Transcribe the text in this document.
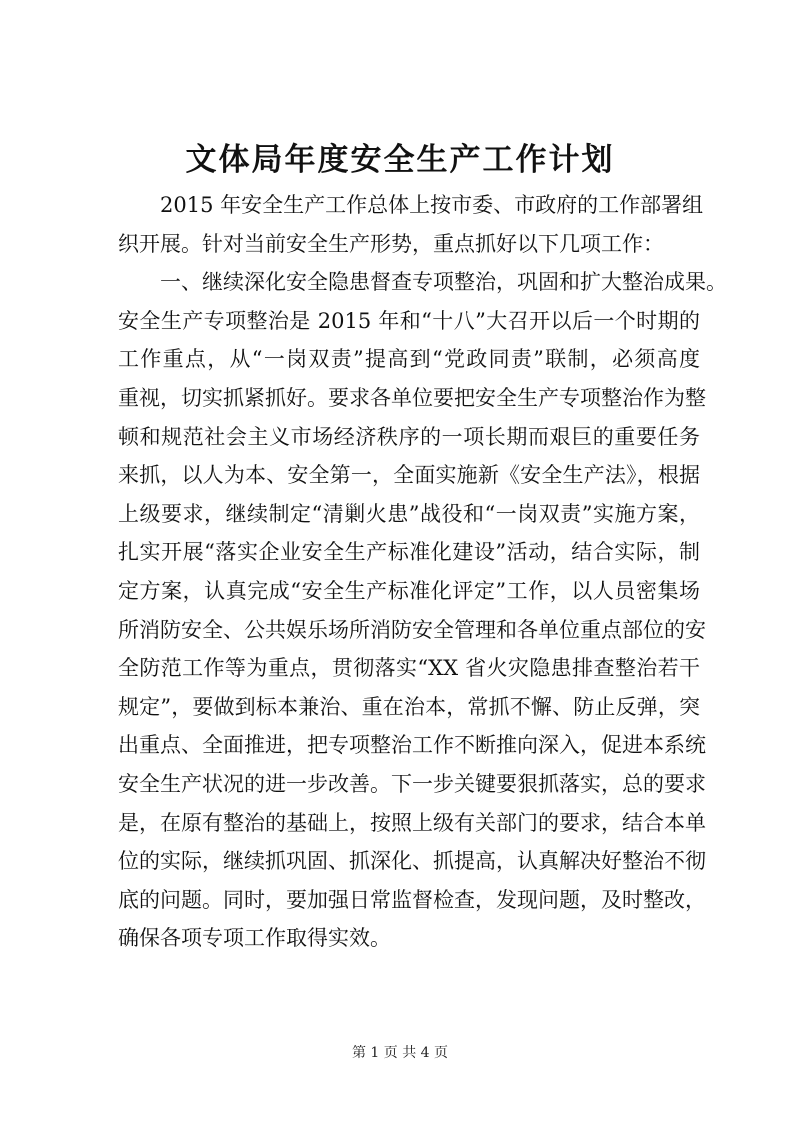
文体局年度安全生产工作计划
2015 年安全生产工作总体上按市委、市政府的工作部署组
织开展。针对当前安全生产形势，重点抓好以下几项工作：
一、继续深化安全隐患督查专项整治，巩固和扩大整治成果。
安全生产专项整治是 2015 年和“十八”大召开以后一个时期的
工作重点，从“一岗双责”提高到“党政同责”联制，必须高度
重视，切实抓紧抓好。要求各单位要把安全生产专项整治作为整
顿和规范社会主义市场经济秩序的一项长期而艰巨的重要任务
来抓，以人为本、安全第一，全面实施新《安全生产法》，根据
上级要求，继续制定“清剿火患”战役和“一岗双责”实施方案，
扎实开展“落实企业安全生产标准化建设”活动，结合实际，制
定方案，认真完成“安全生产标准化评定”工作，以人员密集场
所消防安全、公共娱乐场所消防安全管理和各单位重点部位的安
全防范工作等为重点，贯彻落实“XX 省火灾隐患排查整治若干
规定”，要做到标本兼治、重在治本，常抓不懈、防止反弹，突
出重点、全面推进，把专项整治工作不断推向深入，促进本系统
安全生产状况的进一步改善。下一步关键要狠抓落实，总的要求
是，在原有整治的基础上，按照上级有关部门的要求，结合本单
位的实际，继续抓巩固、抓深化、抓提高，认真解决好整治不彻
底的问题。同时，要加强日常监督检查，发现问题，及时整改，
确保各项专项工作取得实效。
第 1 页 共 4 页
